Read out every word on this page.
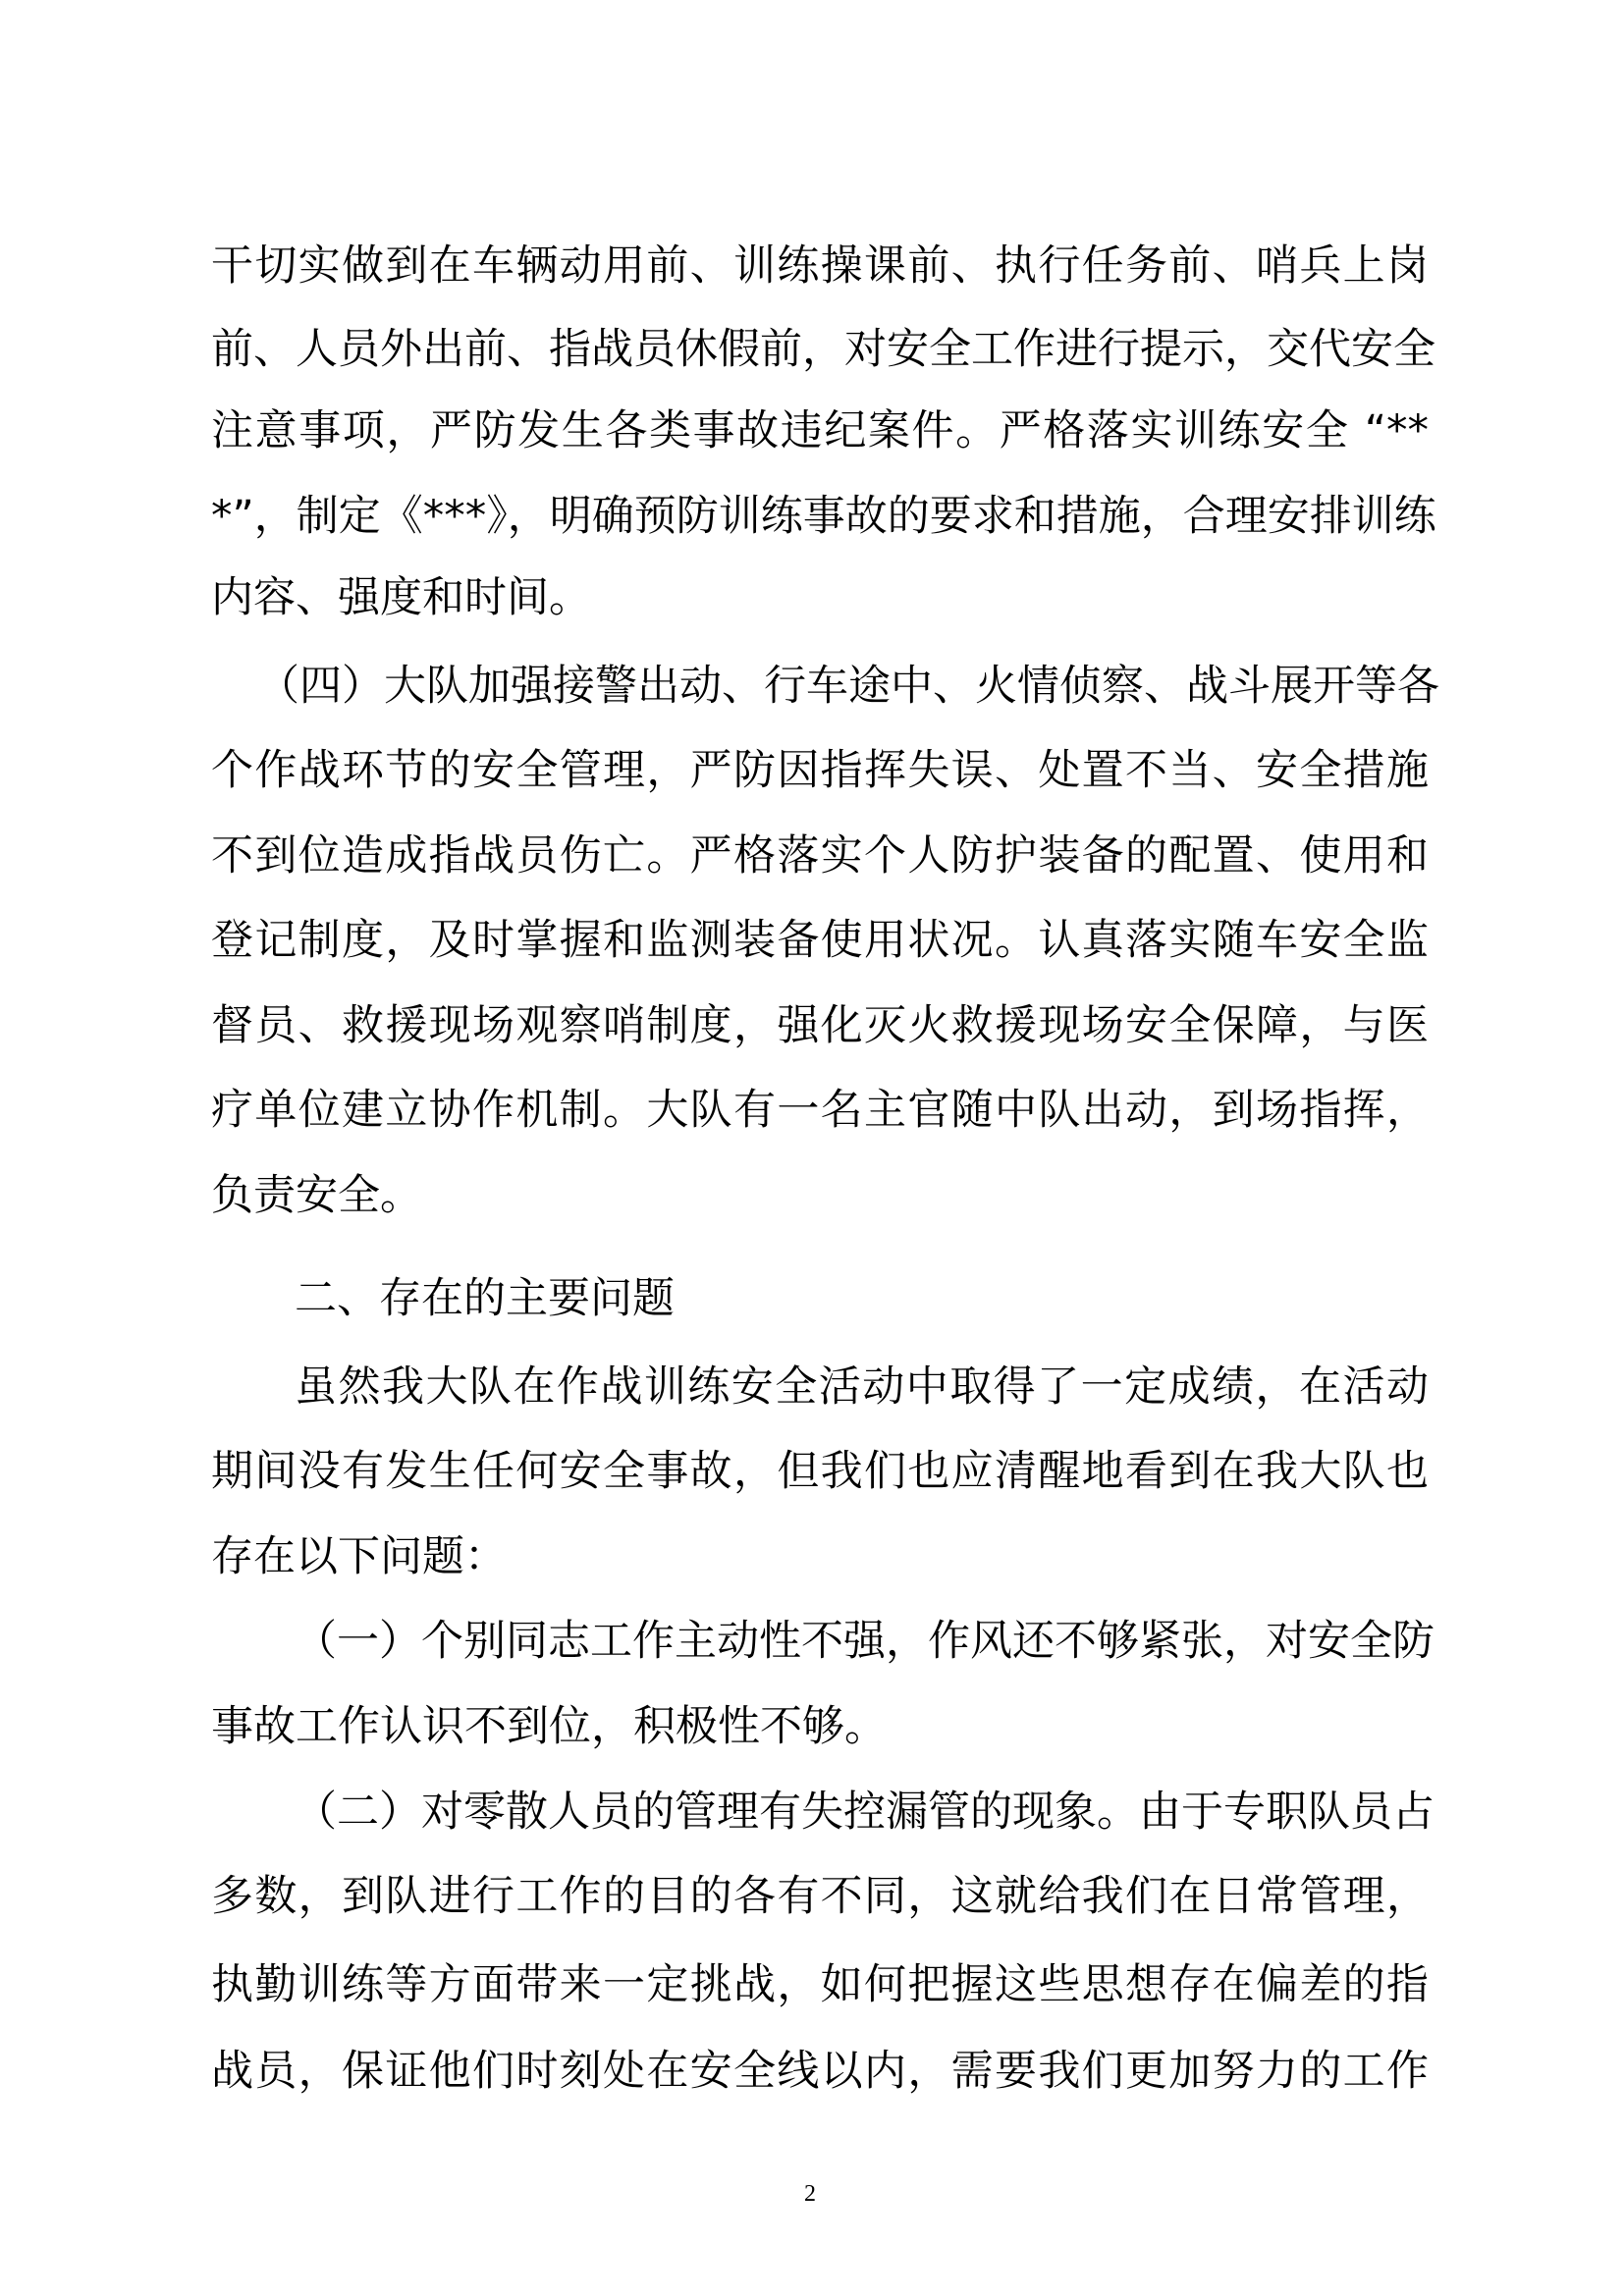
干切实做到在车辆动用前、训练操课前、执行任务前、哨兵上岗
前、人员外出前、指战员休假前，对安全工作进行提示，交代安全
注意事项，严防发生各类事故违纪案件。严格落实训练安全 “**
*”，制定《***》，明确预防训练事故的要求和措施，合理安排训练
内容、强度和时间。
（四）大队加强接警出动、行车途中、火情侦察、战斗展开等各
个作战环节的安全管理，严防因指挥失误、处置不当、安全措施
不到位造成指战员伤亡。严格落实个人防护装备的配置、使用和
登记制度，及时掌握和监测装备使用状况。认真落实随车安全监
督员、救援现场观察哨制度，强化灭火救援现场安全保障，与医
疗单位建立协作机制。大队有一名主官随中队出动，到场指挥，
负责安全。
二、存在的主要问题
虽然我大队在作战训练安全活动中取得了一定成绩，在活动
期间没有发生任何安全事故，但我们也应清醒地看到在我大队也
存在以下问题：
（一）个别同志工作主动性不强，作风还不够紧张，对安全防
事故工作认识不到位，积极性不够。
（二）对零散人员的管理有失控漏管的现象。由于专职队员占
多数，到队进行工作的目的各有不同，这就给我们在日常管理，
执勤训练等方面带来一定挑战，如何把握这些思想存在偏差的指
战员，保证他们时刻处在安全线以内，需要我们更加努力的工作
2
